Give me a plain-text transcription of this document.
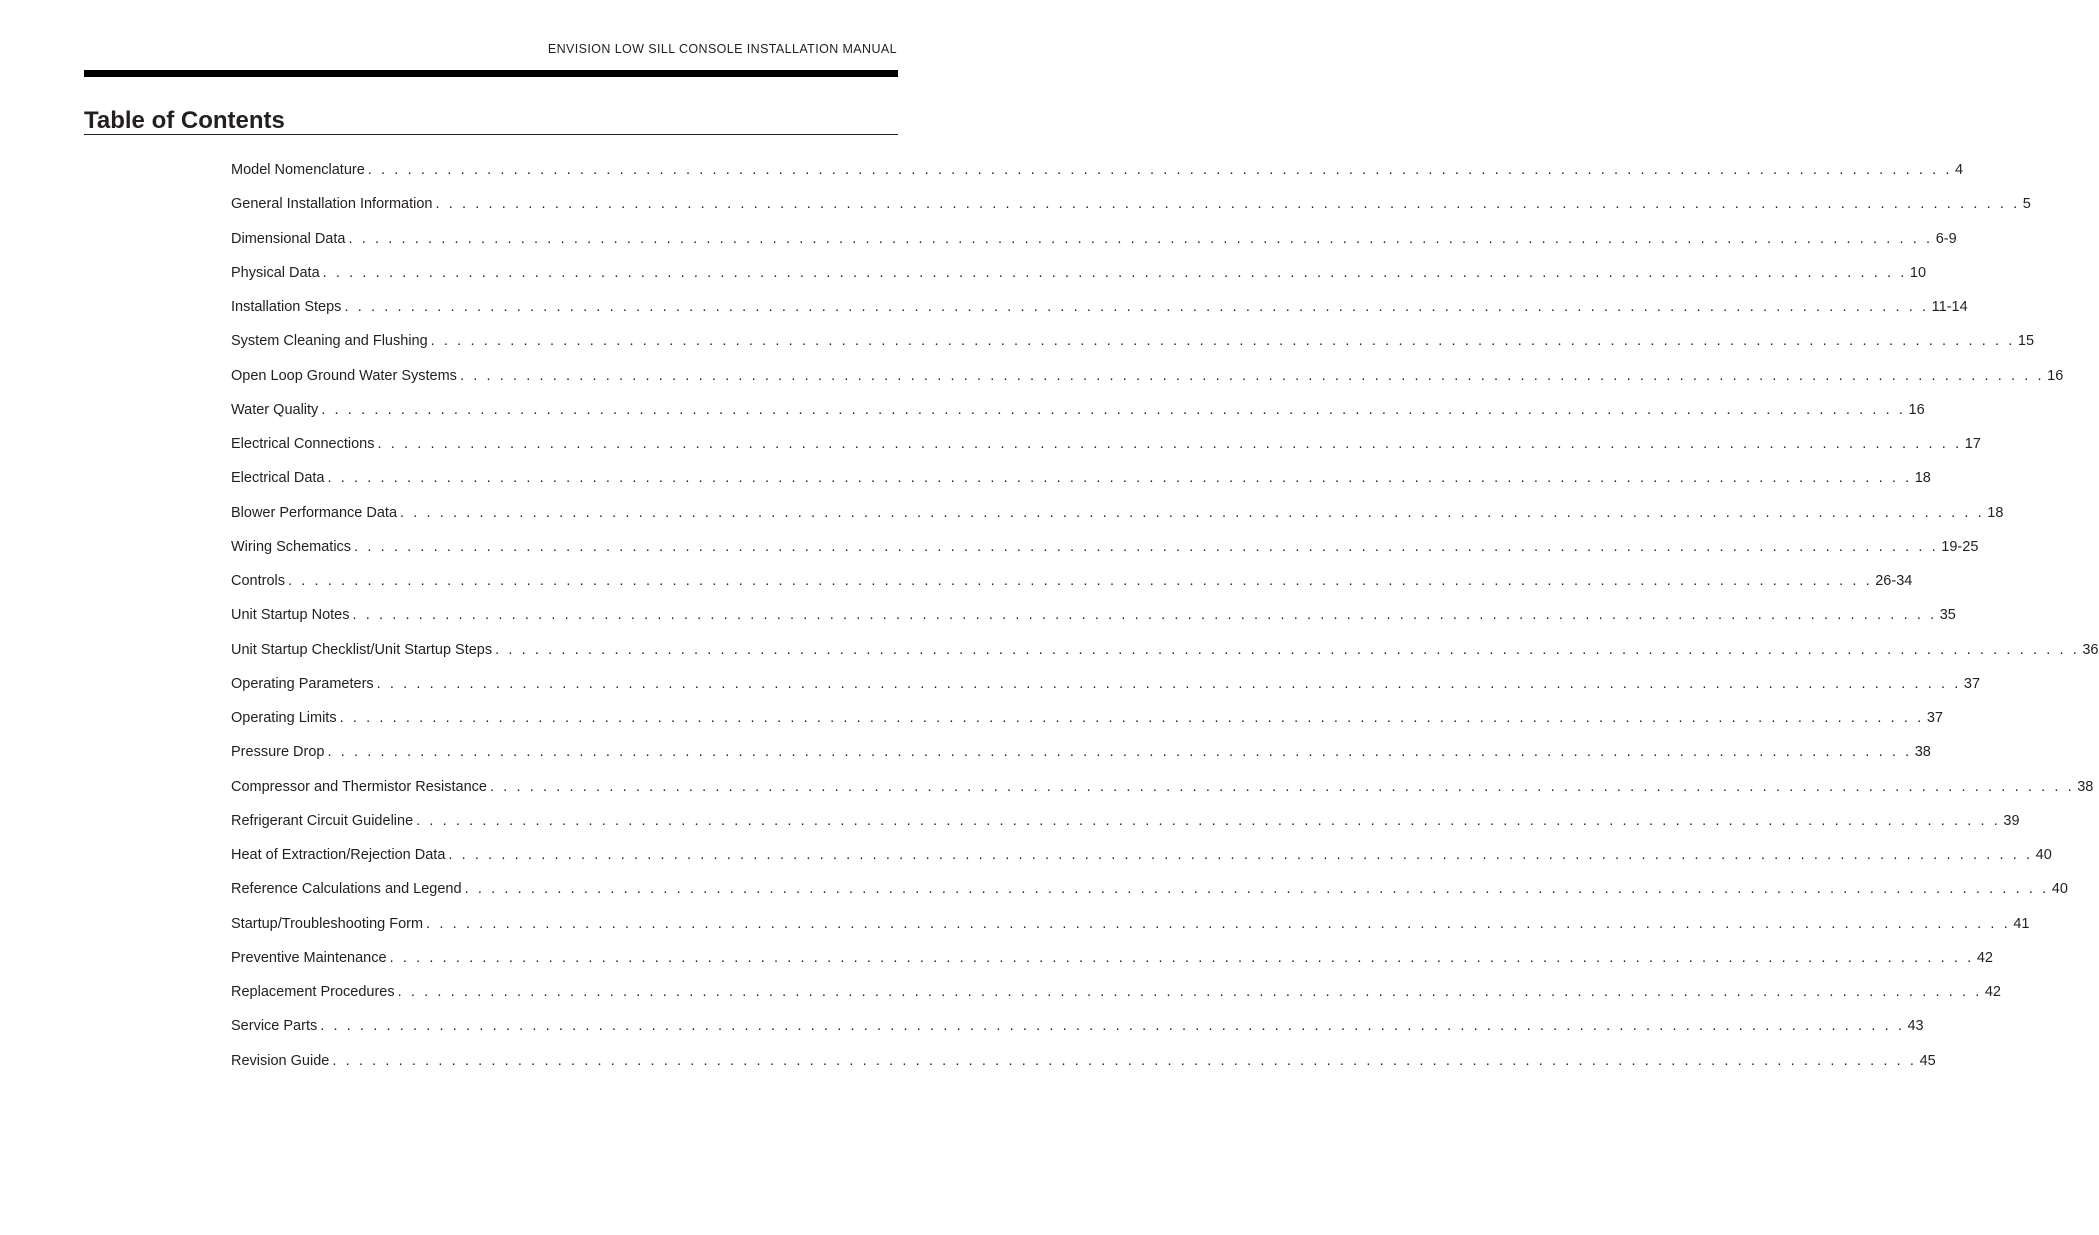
ENVISION LOW SILL CONSOLE INSTALLATION MANUAL
Table of Contents
Model Nomenclature . . . . . . . . . . . . . . . . . . . . . . . . . . . . . . . . . . . . . . . . . . . . . . . . . . . . . . . . . . . . . . . . . . . . . . . . . . . . . . . . . . . . . . . . . . . . . . . . . . . . . . . . . . . . . . . . . . . . . . . . 4
General Installation Information . . . . . . . . . . . . . . . . . . . . . . . . . . . . . . . . . . . . . . . . . . . . . . . . . . . . . . . . . . . . . . . . . . . . . . . . . . . . . . . . . . . . . . . . . . . . . . . . . . . . . . . . . . . . . . . . . . . . . . . . 5
Dimensional Data . . . . . . . . . . . . . . . . . . . . . . . . . . . . . . . . . . . . . . . . . . . . . . . . . . . . . . . . . . . . . . . . . . . . . . . . . . . . . . . . . . . . . . . . . . . . . . . . . . . . . . . . . . . . . . . . . . . . . . . . 6-9
Physical Data . . . . . . . . . . . . . . . . . . . . . . . . . . . . . . . . . . . . . . . . . . . . . . . . . . . . . . . . . . . . . . . . . . . . . . . . . . . . . . . . . . . . . . . . . . . . . . . . . . . . . . . . . . . . . . . . . . . . . . . . 10
Installation Steps . . . . . . . . . . . . . . . . . . . . . . . . . . . . . . . . . . . . . . . . . . . . . . . . . . . . . . . . . . . . . . . . . . . . . . . . . . . . . . . . . . . . . . . . . . . . . . . . . . . . . . . . . . . . . . . . . . . . . . . . 11-14
System Cleaning and Flushing . . . . . . . . . . . . . . . . . . . . . . . . . . . . . . . . . . . . . . . . . . . . . . . . . . . . . . . . . . . . . . . . . . . . . . . . . . . . . . . . . . . . . . . . . . . . . . . . . . . . . . . . . . . . . . . . . . . . . . . . 15
Open Loop Ground Water Systems . . . . . . . . . . . . . . . . . . . . . . . . . . . . . . . . . . . . . . . . . . . . . . . . . . . . . . . . . . . . . . . . . . . . . . . . . . . . . . . . . . . . . . . . . . . . . . . . . . . . . . . . . . . . . . . . . . . . . . . . 16
Water Quality . . . . . . . . . . . . . . . . . . . . . . . . . . . . . . . . . . . . . . . . . . . . . . . . . . . . . . . . . . . . . . . . . . . . . . . . . . . . . . . . . . . . . . . . . . . . . . . . . . . . . . . . . . . . . . . . . . . . . . . . 16
Electrical Connections . . . . . . . . . . . . . . . . . . . . . . . . . . . . . . . . . . . . . . . . . . . . . . . . . . . . . . . . . . . . . . . . . . . . . . . . . . . . . . . . . . . . . . . . . . . . . . . . . . . . . . . . . . . . . . . . . . . . . . . . 17
Electrical Data . . . . . . . . . . . . . . . . . . . . . . . . . . . . . . . . . . . . . . . . . . . . . . . . . . . . . . . . . . . . . . . . . . . . . . . . . . . . . . . . . . . . . . . . . . . . . . . . . . . . . . . . . . . . . . . . . . . . . . . . 18
Blower Performance Data . . . . . . . . . . . . . . . . . . . . . . . . . . . . . . . . . . . . . . . . . . . . . . . . . . . . . . . . . . . . . . . . . . . . . . . . . . . . . . . . . . . . . . . . . . . . . . . . . . . . . . . . . . . . . . . . . . . . . . . . 18
Wiring Schematics . . . . . . . . . . . . . . . . . . . . . . . . . . . . . . . . . . . . . . . . . . . . . . . . . . . . . . . . . . . . . . . . . . . . . . . . . . . . . . . . . . . . . . . . . . . . . . . . . . . . . . . . . . . . . . . . . . . . . . . . 19-25
Controls . . . . . . . . . . . . . . . . . . . . . . . . . . . . . . . . . . . . . . . . . . . . . . . . . . . . . . . . . . . . . . . . . . . . . . . . . . . . . . . . . . . . . . . . . . . . . . . . . . . . . . . . . . . . . . . . . . . . . . . . 26-34
Unit Startup Notes . . . . . . . . . . . . . . . . . . . . . . . . . . . . . . . . . . . . . . . . . . . . . . . . . . . . . . . . . . . . . . . . . . . . . . . . . . . . . . . . . . . . . . . . . . . . . . . . . . . . . . . . . . . . . . . . . . . . . . . . 35
Unit Startup Checklist/Unit Startup Steps . . . . . . . . . . . . . . . . . . . . . . . . . . . . . . . . . . . . . . . . . . . . . . . . . . . . . . . . . . . . . . . . . . . . . . . . . . . . . . . . . . . . . . . . . . . . . . . . . . . . . . . . . . . . . . . . . . . . . . . . 36
Operating Parameters . . . . . . . . . . . . . . . . . . . . . . . . . . . . . . . . . . . . . . . . . . . . . . . . . . . . . . . . . . . . . . . . . . . . . . . . . . . . . . . . . . . . . . . . . . . . . . . . . . . . . . . . . . . . . . . . . . . . . . . . 37
Operating Limits . . . . . . . . . . . . . . . . . . . . . . . . . . . . . . . . . . . . . . . . . . . . . . . . . . . . . . . . . . . . . . . . . . . . . . . . . . . . . . . . . . . . . . . . . . . . . . . . . . . . . . . . . . . . . . . . . . . . . . . . 37
Pressure Drop . . . . . . . . . . . . . . . . . . . . . . . . . . . . . . . . . . . . . . . . . . . . . . . . . . . . . . . . . . . . . . . . . . . . . . . . . . . . . . . . . . . . . . . . . . . . . . . . . . . . . . . . . . . . . . . . . . . . . . . . 38
Compressor and Thermistor Resistance . . . . . . . . . . . . . . . . . . . . . . . . . . . . . . . . . . . . . . . . . . . . . . . . . . . . . . . . . . . . . . . . . . . . . . . . . . . . . . . . . . . . . . . . . . . . . . . . . . . . . . . . . . . . . . . . . . . . . . . . 38
Refrigerant Circuit Guideline . . . . . . . . . . . . . . . . . . . . . . . . . . . . . . . . . . . . . . . . . . . . . . . . . . . . . . . . . . . . . . . . . . . . . . . . . . . . . . . . . . . . . . . . . . . . . . . . . . . . . . . . . . . . . . . . . . . . . . . . 39
Heat of Extraction/Rejection Data . . . . . . . . . . . . . . . . . . . . . . . . . . . . . . . . . . . . . . . . . . . . . . . . . . . . . . . . . . . . . . . . . . . . . . . . . . . . . . . . . . . . . . . . . . . . . . . . . . . . . . . . . . . . . . . . . . . . . . . . 40
Reference Calculations and Legend . . . . . . . . . . . . . . . . . . . . . . . . . . . . . . . . . . . . . . . . . . . . . . . . . . . . . . . . . . . . . . . . . . . . . . . . . . . . . . . . . . . . . . . . . . . . . . . . . . . . . . . . . . . . . . . . . . . . . . . . 40
Startup/Troubleshooting Form . . . . . . . . . . . . . . . . . . . . . . . . . . . . . . . . . . . . . . . . . . . . . . . . . . . . . . . . . . . . . . . . . . . . . . . . . . . . . . . . . . . . . . . . . . . . . . . . . . . . . . . . . . . . . . . . . . . . . . . . 41
Preventive Maintenance . . . . . . . . . . . . . . . . . . . . . . . . . . . . . . . . . . . . . . . . . . . . . . . . . . . . . . . . . . . . . . . . . . . . . . . . . . . . . . . . . . . . . . . . . . . . . . . . . . . . . . . . . . . . . . . . . . . . . . . . 42
Replacement Procedures . . . . . . . . . . . . . . . . . . . . . . . . . . . . . . . . . . . . . . . . . . . . . . . . . . . . . . . . . . . . . . . . . . . . . . . . . . . . . . . . . . . . . . . . . . . . . . . . . . . . . . . . . . . . . . . . . . . . . . . . 42
Service Parts . . . . . . . . . . . . . . . . . . . . . . . . . . . . . . . . . . . . . . . . . . . . . . . . . . . . . . . . . . . . . . . . . . . . . . . . . . . . . . . . . . . . . . . . . . . . . . . . . . . . . . . . . . . . . . . . . . . . . . . . 43
Revision Guide . . . . . . . . . . . . . . . . . . . . . . . . . . . . . . . . . . . . . . . . . . . . . . . . . . . . . . . . . . . . . . . . . . . . . . . . . . . . . . . . . . . . . . . . . . . . . . . . . . . . . . . . . . . . . . . . . . . . . . . . 45
